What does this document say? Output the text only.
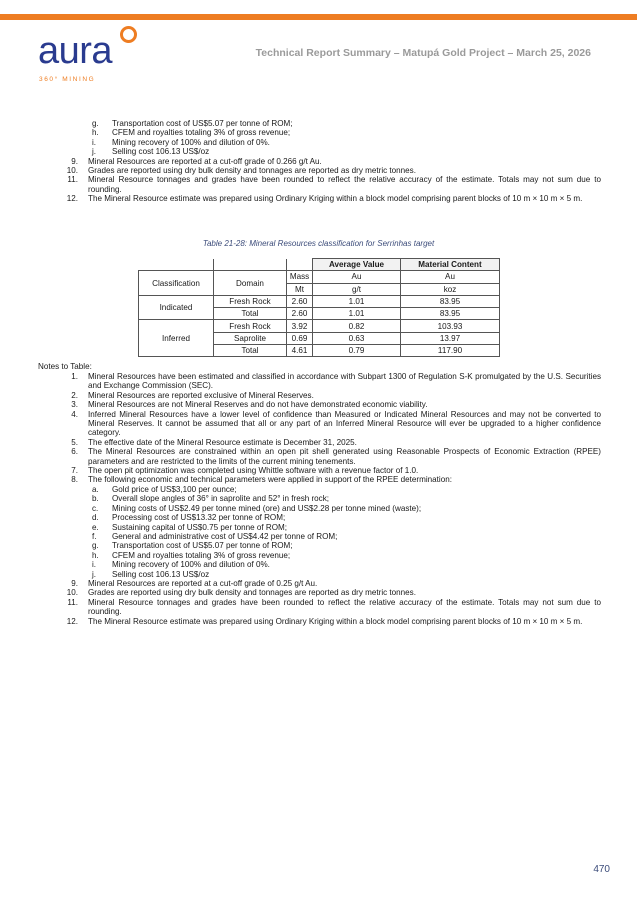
aura
360° MINING
Technical Report Summary – Matupá Gold Project – March 25, 2026
g.	Transportation cost of US$5.07 per tonne of ROM;
h.	CFEM and royalties totaling 3% of gross revenue;
i.	Mining recovery of 100% and dilution of 0%.
j.	Selling cost 106.13 US$/oz
9.	Mineral Resources are reported at a cut-off grade of 0.266 g/t Au.
10.	Grades are reported using dry bulk density and tonnages are reported as dry metric tonnes.
11.	Mineral Resource tonnages and grades have been rounded to reflect the relative accuracy of the estimate. Totals may not sum due to rounding.
12.	The Mineral Resource estimate was prepared using Ordinary Kriging within a block model comprising parent blocks of 10 m × 10 m × 5 m.
Table 21-28: Mineral Resources classification for Serrinhas target
			Average Value	Material Content
Classification	Domain	Mass	Au	Au
		Mt	g/t	koz
Indicated	Fresh Rock	2.60	1.01	83.95
	Total	2.60	1.01	83.95
Inferred	Fresh Rock	3.92	0.82	103.93
	Saprolite	0.69	0.63	13.97
	Total	4.61	0.79	117.90
Notes to Table:
1.	Mineral Resources have been estimated and classified in accordance with Subpart 1300 of Regulation S-K promulgated by the U.S. Securities and Exchange Commission (SEC).
2.	Mineral Resources are reported exclusive of Mineral Reserves.
3.	Mineral Resources are not Mineral Reserves and do not have demonstrated economic viability.
4.	Inferred Mineral Resources have a lower level of confidence than Measured or Indicated Mineral Resources and may not be converted to Mineral Reserves. It cannot be assumed that all or any part of an Inferred Mineral Resource will ever be upgraded to a higher confidence category.
5.	The effective date of the Mineral Resource estimate is December 31, 2025.
6.	The Mineral Resources are constrained within an open pit shell generated using Reasonable Prospects of Economic Extraction (RPEE) parameters and are restricted to the limits of the current mining tenements.
7.	The open pit optimization was completed using Whittle software with a revenue factor of 1.0.
8.	The following economic and technical parameters were applied in support of the RPEE determination:
a.	Gold price of US$3,100 per ounce;
b.	Overall slope angles of 36° in saprolite and 52° in fresh rock;
c.	Mining costs of US$2.49 per tonne mined (ore) and US$2.28 per tonne mined (waste);
d.	Processing cost of US$13.32 per tonne of ROM;
e.	Sustaining capital of US$0.75 per tonne of ROM;
f.	General and administrative cost of US$4.42 per tonne of ROM;
g.	Transportation cost of US$5.07 per tonne of ROM;
h.	CFEM and royalties totaling 3% of gross revenue;
i.	Mining recovery of 100% and dilution of 0%.
j.	Selling cost 106.13 US$/oz
9.	Mineral Resources are reported at a cut-off grade of 0.25 g/t Au.
10.	Grades are reported using dry bulk density and tonnages are reported as dry metric tonnes.
11.	Mineral Resource tonnages and grades have been rounded to reflect the relative accuracy of the estimate. Totals may not sum due to rounding.
12.	The Mineral Resource estimate was prepared using Ordinary Kriging within a block model comprising parent blocks of 10 m × 10 m × 5 m.
470
